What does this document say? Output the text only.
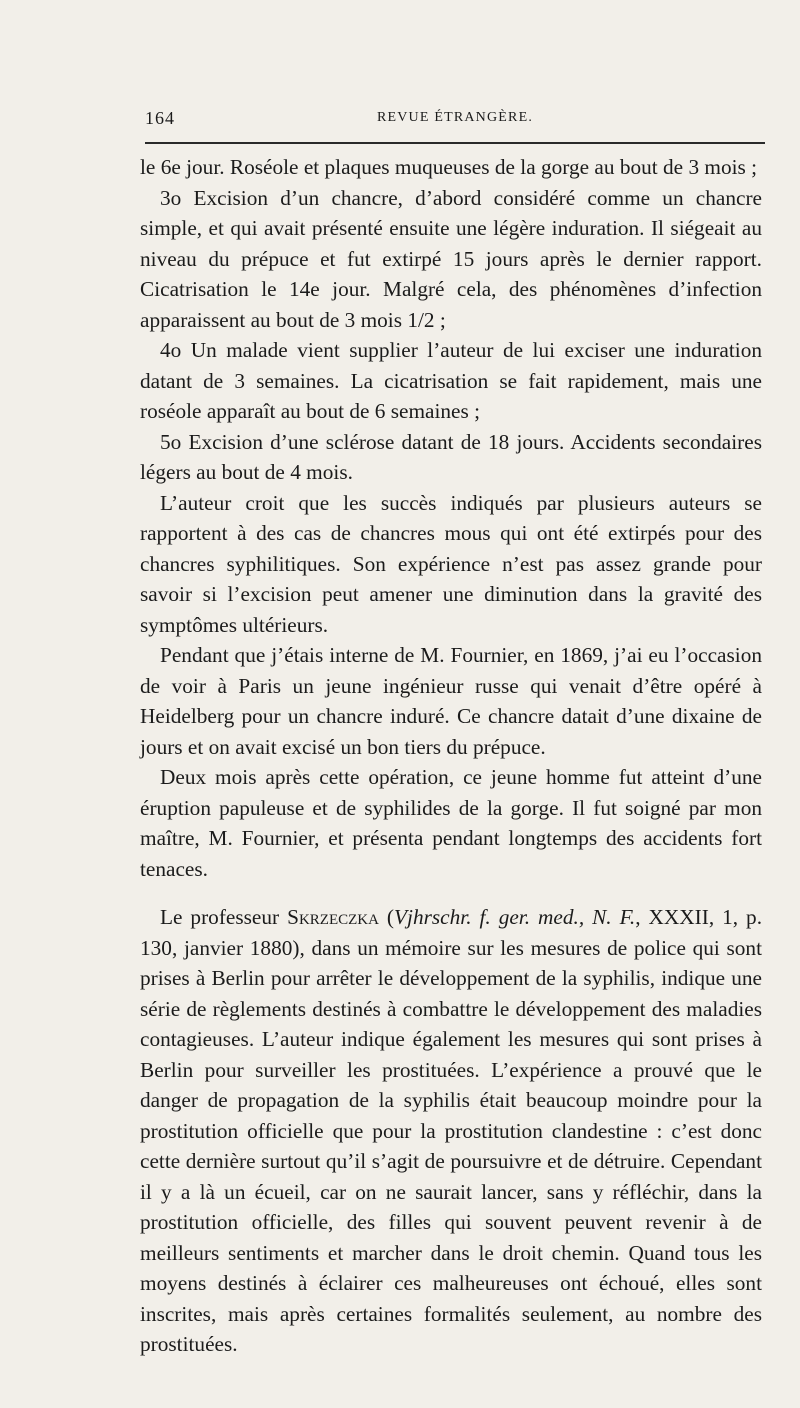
164	REVUE ÉTRANGÈRE.

le 6e jour. Roséole et plaques muqueuses de la gorge au bout de 3 mois ;

3o Excision d’un chancre, d’abord considéré comme un chancre simple, et qui avait présenté ensuite une légère induration. Il siégeait au niveau du prépuce et fut extirpé 15 jours après le dernier rapport. Cicatrisation le 14e jour. Malgré cela, des phénomènes d’infection apparaissent au bout de 3 mois 1/2 ;

4o Un malade vient supplier l’auteur de lui exciser une induration datant de 3 semaines. La cicatrisation se fait rapidement, mais une roséole apparaît au bout de 6 semaines ;

5o Excision d’une sclérose datant de 18 jours. Accidents secondaires légers au bout de 4 mois.

L’auteur croit que les succès indiqués par plusieurs auteurs se rapportent à des cas de chancres mous qui ont été extirpés pour des chancres syphilitiques. Son expérience n’est pas assez grande pour savoir si l’excision peut amener une diminution dans la gravité des symptômes ultérieurs.

Pendant que j’étais interne de M. Fournier, en 1869, j’ai eu l’occasion de voir à Paris un jeune ingénieur russe qui venait d’être opéré à Heidelberg pour un chancre induré. Ce chancre datait d’une dixaine de jours et on avait excisé un bon tiers du prépuce.

Deux mois après cette opération, ce jeune homme fut atteint d’une éruption papuleuse et de syphilides de la gorge. Il fut soigné par mon maître, M. Fournier, et présenta pendant longtemps des accidents fort tenaces.

Le professeur Skrzeczka (Vjhrschr. f. ger. med., N. F., XXXII, 1, p. 130, janvier 1880), dans un mémoire sur les mesures de police qui sont prises à Berlin pour arrêter le développement de la syphilis, indique une série de règlements destinés à combattre le développement des maladies contagieuses. L’auteur indique également les mesures qui sont prises à Berlin pour surveiller les prostituées. L’expérience a prouvé que le danger de propagation de la syphilis était beaucoup moindre pour la prostitution officielle que pour la prostitution clandestine : c’est donc cette dernière surtout qu’il s’agit de poursuivre et de détruire. Cependant il y a là un écueil, car on ne saurait lancer, sans y réfléchir, dans la prostitution officielle, des filles qui souvent peuvent revenir à de meilleurs sentiments et marcher dans le droit chemin. Quand tous les moyens destinés à éclairer ces malheureuses ont échoué, elles sont inscrites, mais après certaines formalités seulement, au nombre des prostituées.
